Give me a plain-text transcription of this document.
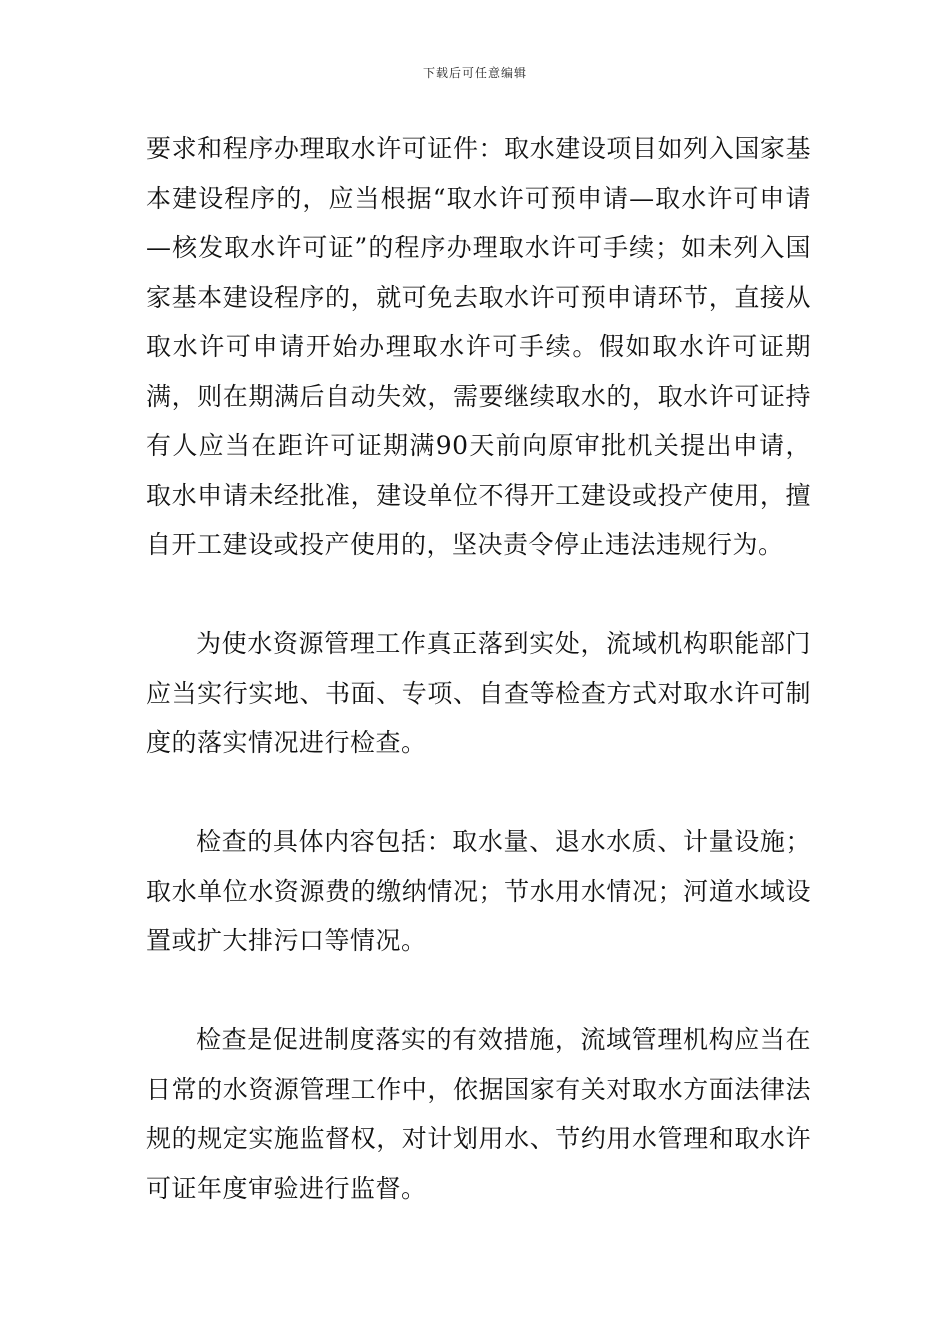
下载后可任意编辑

要求和程序办理取水许可证件：取水建设项目如列入国家基本建设程序的，应当根据“取水许可预申请—取水许可申请—核发取水许可证”的程序办理取水许可手续；如未列入国家基本建设程序的，就可免去取水许可预申请环节，直接从取水许可申请开始办理取水许可手续。假如取水许可证期满，则在期满后自动失效，需要继续取水的，取水许可证持有人应当在距许可证期满90天前向原审批机关提出申请，取水申请未经批准，建设单位不得开工建设或投产使用，擅自开工建设或投产使用的，坚决责令停止违法违规行为。

为使水资源管理工作真正落到实处，流域机构职能部门应当实行实地、书面、专项、自查等检查方式对取水许可制度的落实情况进行检查。

检查的具体内容包括：取水量、退水水质、计量设施；取水单位水资源费的缴纳情况；节水用水情况；河道水域设置或扩大排污口等情况。

检查是促进制度落实的有效措施，流域管理机构应当在日常的水资源管理工作中，依据国家有关对取水方面法律法规的规定实施监督权，对计划用水、节约用水管理和取水许可证年度审验进行监督。
